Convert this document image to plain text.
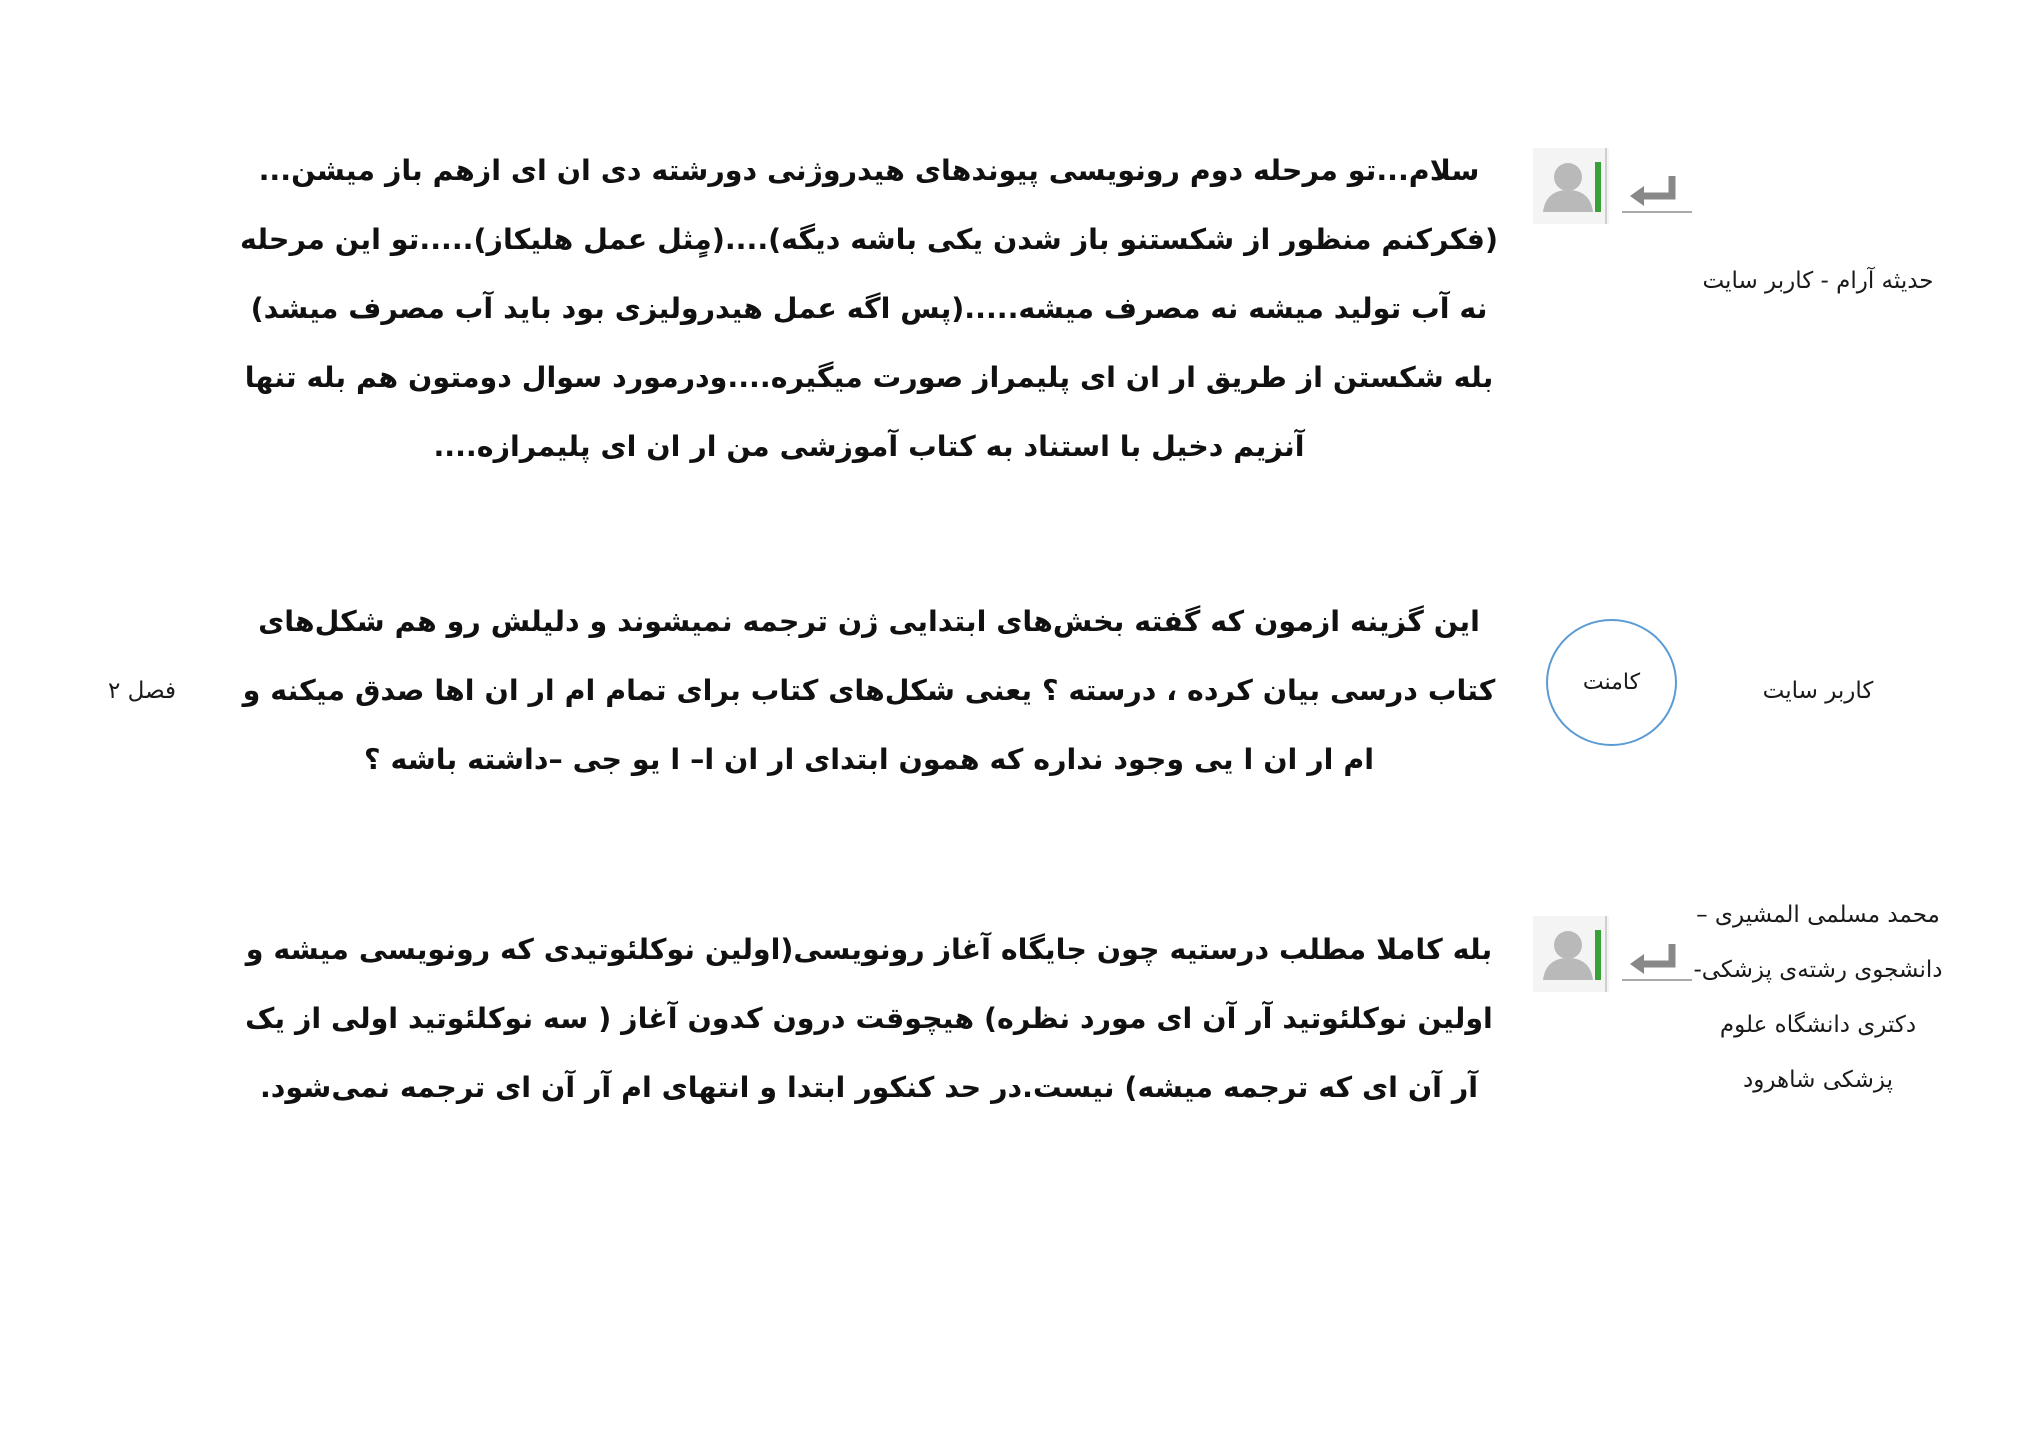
حدیثه آرام - کاربر سایت
سلام...تو مرحله دوم رونویسی پیوندهای هیدروژنی دورشته دی ان ای ازهم باز میشن...(فکرکنم منظور از شکستنو باز شدن یکی باشه دیگه)....(مٍثل عمل هلیکاز).....تو این مرحله نه آب تولید میشه نه مصرف میشه.....(پس اگه عمل هیدرولیزی بود باید آب مصرف میشد) بله شکستن از طریق ار ان ای پلیمراز صورت میگیره....ودرمورد سوال دومتون هم بله تنها آنزیم دخیل با استناد به کتاب آموزشی من ار ان ای پلیمرازه....
کاربر سایت
کامنت
این گزینه ازمون که گفته بخش‌های ابتدایی ژن ترجمه نمیشوند و دلیلش رو هم شکل‌های کتاب درسی بیان کرده ، درسته ؟ یعنی شکل‌های کتاب برای تمام ام ار ان اها صدق میکنه و ام ار ان ا یی وجود نداره که همون ابتدای ار ان ا– ا یو جی –داشته باشه ؟
فصل ۲
محمد مسلمی المشیری – دانشجوی رشته‌ی پزشکی- دکتری دانشگاه علوم پزشکی شاهرود
بله کاملا مطلب درستیه چون جایگاه آغاز رونویسی(اولین نوکلئوتیدی که رونویسی میشه و اولین نوکلئوتید آر آن ای مورد نظره) هیچوقت درون کدون آغاز ( سه نوکلئوتید اولی از یک آر آن ای که ترجمه میشه) نیست.در حد کنکور ابتدا و انتهای ام آر آن ای ترجمه نمی‌شود.
